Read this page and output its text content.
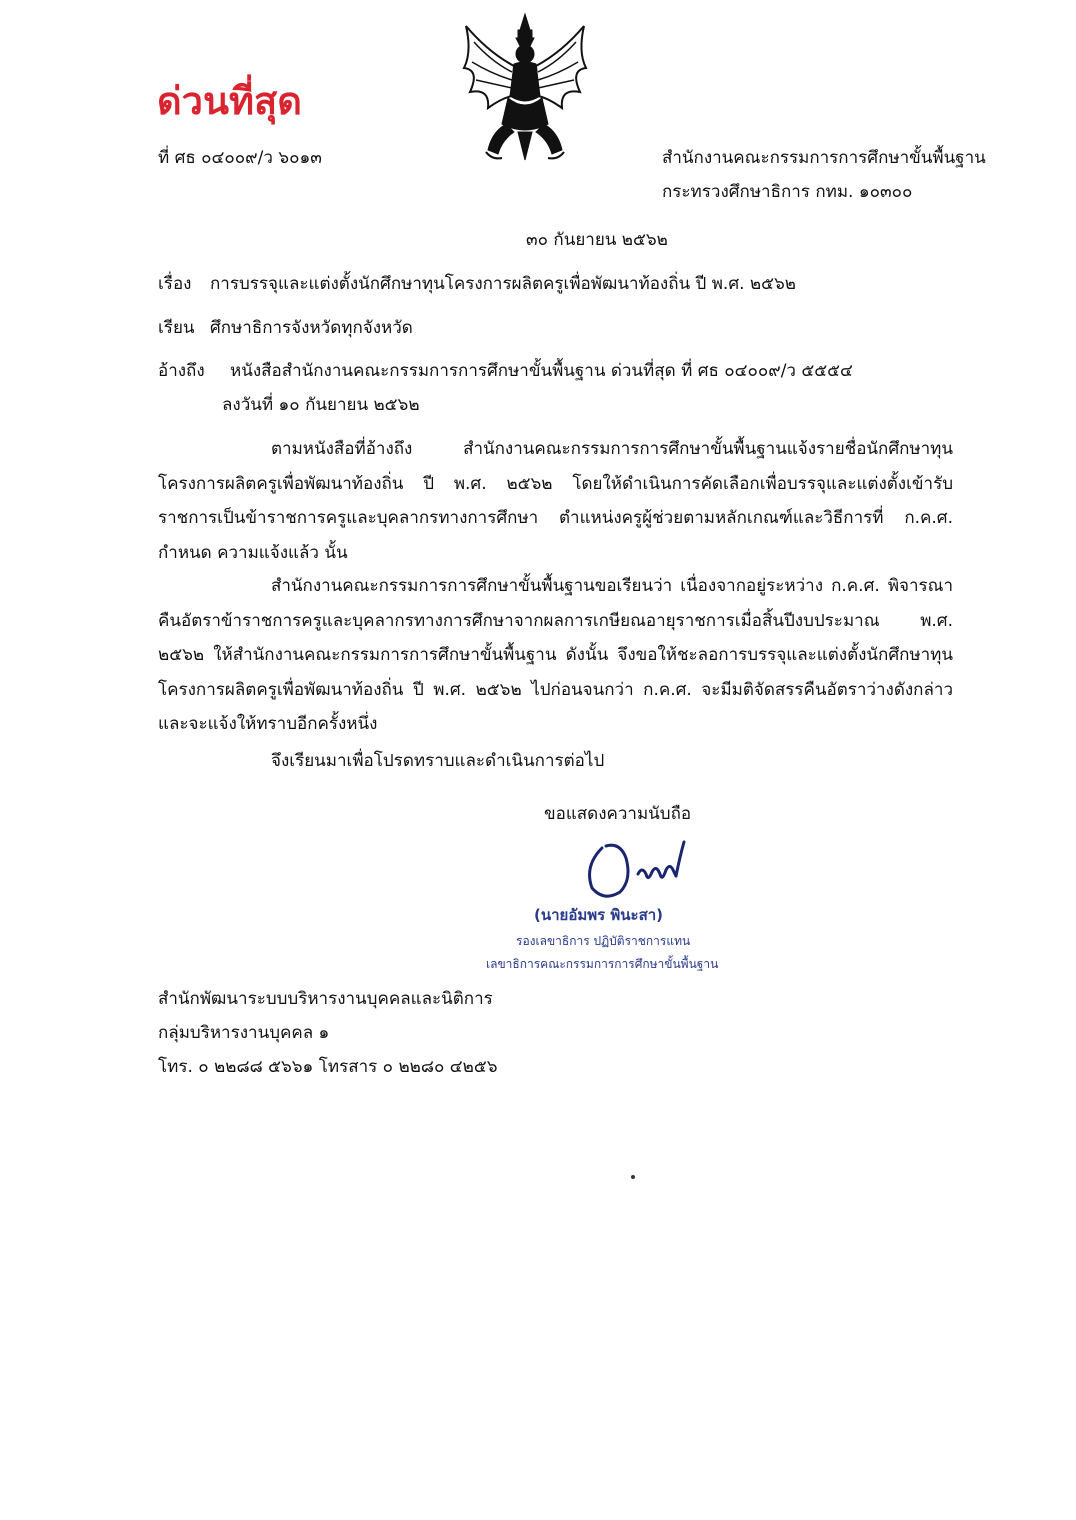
ด่วนที่สุด
ที่ ศธ ๐๔๐๐๙/ว ๖๐๑๓	สำนักงานคณะกรรมการการศึกษาขั้นพื้นฐาน
กระทรวงศึกษาธิการ กทม. ๑๐๓๐๐
๓๐ กันยายน ๒๕๖๒
เรื่อง การบรรจุและแต่งตั้งนักศึกษาทุนโครงการผลิตครูเพื่อพัฒนาท้องถิ่น ปี พ.ศ. ๒๕๖๒
เรียน ศึกษาธิการจังหวัดทุกจังหวัด
อ้างถึง หนังสือสำนักงานคณะกรรมการการศึกษาขั้นพื้นฐาน ด่วนที่สุด ที่ ศธ ๐๔๐๐๙/ว ๕๕๕๔
ลงวันที่ ๑๐ กันยายน ๒๕๖๒
ตามหนังสือที่อ้างถึง สำนักงานคณะกรรมการการศึกษาขั้นพื้นฐานแจ้งรายชื่อนักศึกษาทุนโครงการผลิตครูเพื่อพัฒนาท้องถิ่น ปี พ.ศ. ๒๕๖๒ โดยให้ดำเนินการคัดเลือกเพื่อบรรจุและแต่งตั้งเข้ารับราชการเป็นข้าราชการครูและบุคลากรทางการศึกษา ตำแหน่งครูผู้ช่วยตามหลักเกณฑ์และวิธีการที่ ก.ค.ศ. กำหนด ความแจ้งแล้ว นั้น
สำนักงานคณะกรรมการการศึกษาขั้นพื้นฐานขอเรียนว่า เนื่องจากอยู่ระหว่าง ก.ค.ศ. พิจารณาคืนอัตราข้าราชการครูและบุคลากรทางการศึกษาจากผลการเกษียณอายุราชการเมื่อสิ้นปีงบประมาณ พ.ศ. ๒๕๖๒ ให้สำนักงานคณะกรรมการการศึกษาขั้นพื้นฐาน ดังนั้น จึงขอให้ชะลอการบรรจุและแต่งตั้งนักศึกษาทุนโครงการผลิตครูเพื่อพัฒนาท้องถิ่น ปี พ.ศ. ๒๕๖๒ ไปก่อนจนกว่า ก.ค.ศ. จะมีมติจัดสรรคืนอัตราว่างดังกล่าวและจะแจ้งให้ทราบอีกครั้งหนึ่ง
จึงเรียนมาเพื่อโปรดทราบและดำเนินการต่อไป
ขอแสดงความนับถือ
(นายอัมพร พินะสา)
รองเลขาธิการ ปฏิบัติราชการแทน
เลขาธิการคณะกรรมการการศึกษาขั้นพื้นฐาน
สำนักพัฒนาระบบบริหารงานบุคคลและนิติการ
กลุ่มบริหารงานบุคคล ๑
โทร. ๐ ๒๒๘๘ ๕๖๖๑ โทรสาร ๐ ๒๒๘๐ ๔๒๕๖
